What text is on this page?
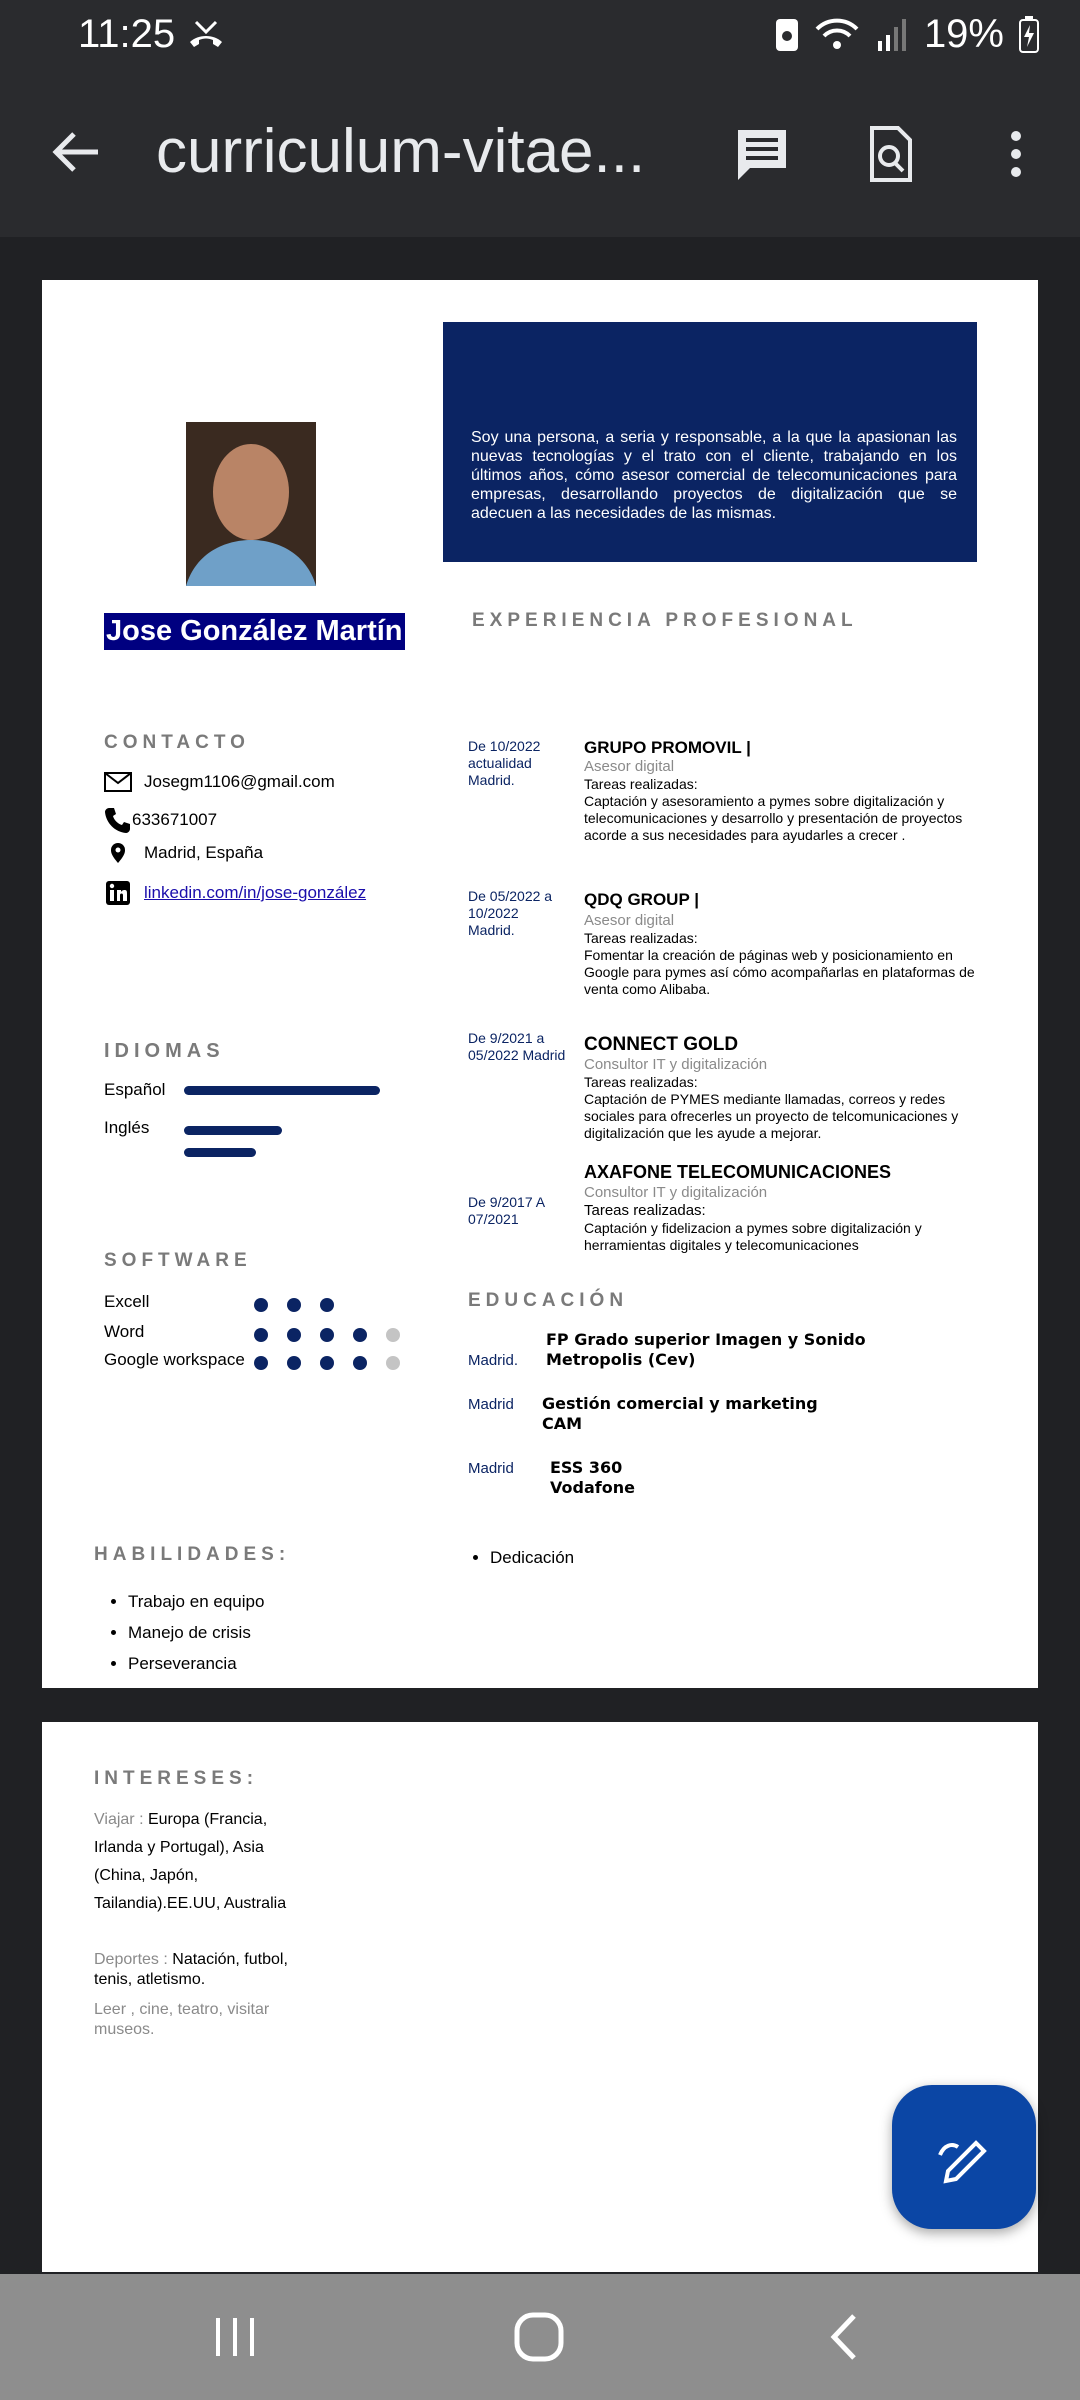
11:25	19%
curriculum-vitae...
Soy una persona, a seria y responsable, a la que la apasionan las nuevas tecnologías y el trato con el cliente, trabajando en los últimos años, cómo asesor comercial de telecomunicaciones para empresas, desarrollando proyectos de digitalización que se adecuen a las necesidades de las mismas.
Jose González Martín	EXPERIENCIA PROFESIONAL
CONTACTO
Josegm1106@gmail.com
633671007
Madrid, España
linkedin.com/in/jose-gonzález
IDIOMAS
Español
Inglés
SOFTWARE
Excell
Word
Google workspace
De 10/2022 actualidad Madrid.
GRUPO PROMOVIL |
Asesor digital
Tareas realizadas:
Captación y asesoramiento a pymes sobre digitalización y telecomunicaciones y desarrollo y presentación de proyectos acorde a sus necesidades para ayudarles a crecer .
De 05/2022 a 10/2022 Madrid.
QDQ GROUP |
Asesor digital
Tareas realizadas:
Fomentar la creación de páginas web y posicionamiento en Google para pymes así cómo acompañarlas en plataformas de venta como Alibaba.
De 9/2021 a 05/2022 Madrid CONNECT GOLD
Consultor IT y digitalización
Tareas realizadas:
Captación de PYMES mediante llamadas, correos y redes sociales para ofrecerles un proyecto de telcomunicaciones y digitalización que les ayude a mejorar.
De 9/2017 A 07/2021
AXAFONE TELECOMUNICACIONES
Consultor IT y digitalización
Tareas realizadas:
Captación y fidelizacion a pymes sobre digitalización y herramientas digitales y telecomunicaciones
EDUCACIÓN
Madrid.
FP Grado superior Imagen y Sonido
Metropolis (Cev)
Madrid Gestión comercial y marketing
CAM
Madrid ESS 360
Vodafone
HABILIDADES:
• Trabajo en equipo
• Manejo de crisis
• Perseverancia
• Dedicación
INTERESES:
Viajar : Europa (Francia, Irlanda y Portugal), Asia (China, Japón, Tailandia).EE.UU, Australia
Deportes : Natación, futbol, tenis, atletismo.
Leer , cine, teatro, visitar museos.
